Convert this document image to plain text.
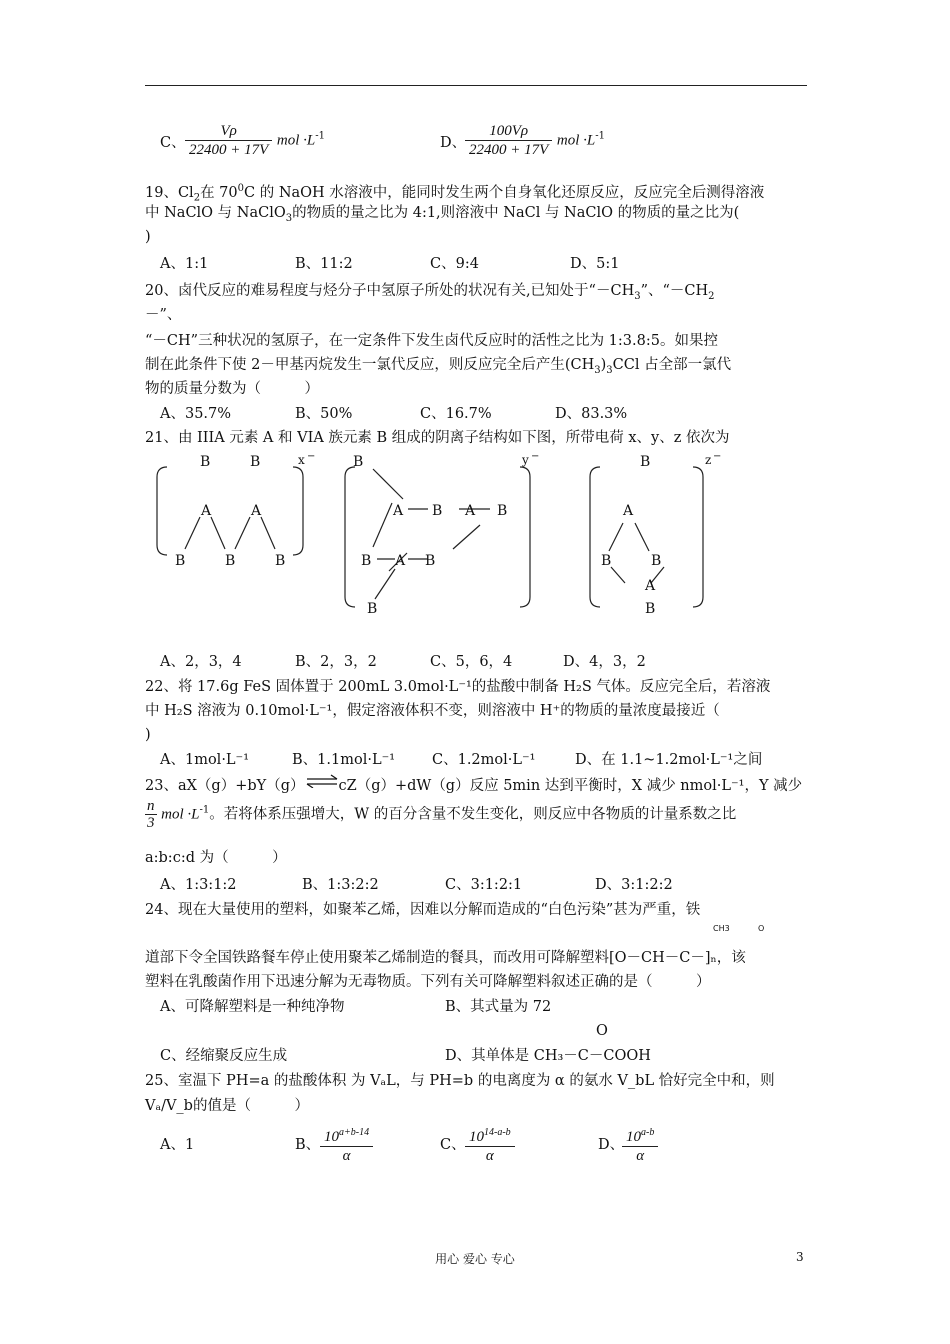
C、 $\frac{V\rho}{22400 + 17V}$ mol $\cdot L^{-1}$	D、
$\frac{100V\rho}{22400 + 17V}$ mol $\cdot L^{-1}$
19、$Cl_2$在 $70^0C$ 的 NaOH 水溶液中，能同时发生两个自身氧化还原反应，反应完全后测得溶液
中 NaClO 与 NaClO$_3$的物质的量之比为 4:1,则溶液中 NaCl 与 NaClO 的物质的量之比为(
)
A、1:1	B、11:2	C、9:4	D、5:1
20、卤代反应的难易程度与烃分子中氢原子所处的状况有关,已知处于“$-CH_3$”、“$-CH_2$
－”、
“－CH”三种状况的氢原子，在一定条件下发生卤代反应时的活性之比为 1:3.8:5。如果控
制在此条件下使 2－甲基丙烷发生一氯代反应，则反应完全后产生$(CH_3)_3CCl$ 占全部一氯代
物的质量分数为（　　　）
A、35.7%	B、50%	C、16.7%	D、83.3%
21、由 IIIA 元素 A 和 VIA 族元素 B 组成的阴离子结构如下图，所带电荷 x、y、z 依次为
B	B
A	A
B	B	B
x −	B
A B A B
B A B
B
y −	B
A
B	B
A
B
z −
A、2，3，4	B、2，3，2	C、5，6，4	D、4，3，2
22、将 17.6g FeS 固体置于 200mL 3.0mol·L⁻¹的盐酸中制备 H₂S 气体。反应完全后，若溶液
中 H₂S 溶液为 0.10mol·L⁻¹，假定溶液体积不变，则溶液中 H⁺的物质的量浓度最接近（
)
A、1mol·L⁻¹	B、1.1mol·L⁻¹	C、1.2mol·L⁻¹	D、在 1.1~1.2mol·L⁻¹之间
23、aX（g）+bY（g）⇌cZ（g）+dW（g）反应 5min 达到平衡时，X 减少 nmol·L⁻¹，Y 减少
$\frac{n}{3}$ mol $\cdot L^{-1}$。若将体系压强增大，W 的百分含量不发生变化，则反应中各物质的计量系数之比
a:b:c:d 为（　　　）
A、1:3:1:2	B、1:3:2:2	C、3:1:2:1	D、3:1:2:2
24、现在大量使用的塑料，如聚苯乙烯，因难以分解而造成的“白色污染”甚为严重，铁
CH3	O
道部下令全国铁路餐车停止使用聚苯乙烯制造的餐具，而改用可降解塑料[O－CH－C－]ₙ，该
塑料在乳酸菌作用下迅速分解为无毒物质。下列有关可降解塑料叙述正确的是（　　　）
A、可降解塑料是一种纯净物	B、其式量为 72
O
C、经缩聚反应生成	D、其单体是 CH₃－C－COOH
25、室温下 PH=a 的盐酸体积 为 VₐL，与 PH=b 的电离度为 α 的氨水 V_bL 恰好完全中和，则
Vₐ/V_b的值是（　　　）
A、1	B、 $\frac{10^{a+b-14}}{\alpha}$	C、 $\frac{10^{14-a-b}}{\alpha}$	D、
$\frac{10^{a-b}}{\alpha}$
用心 爱心 专心	3
